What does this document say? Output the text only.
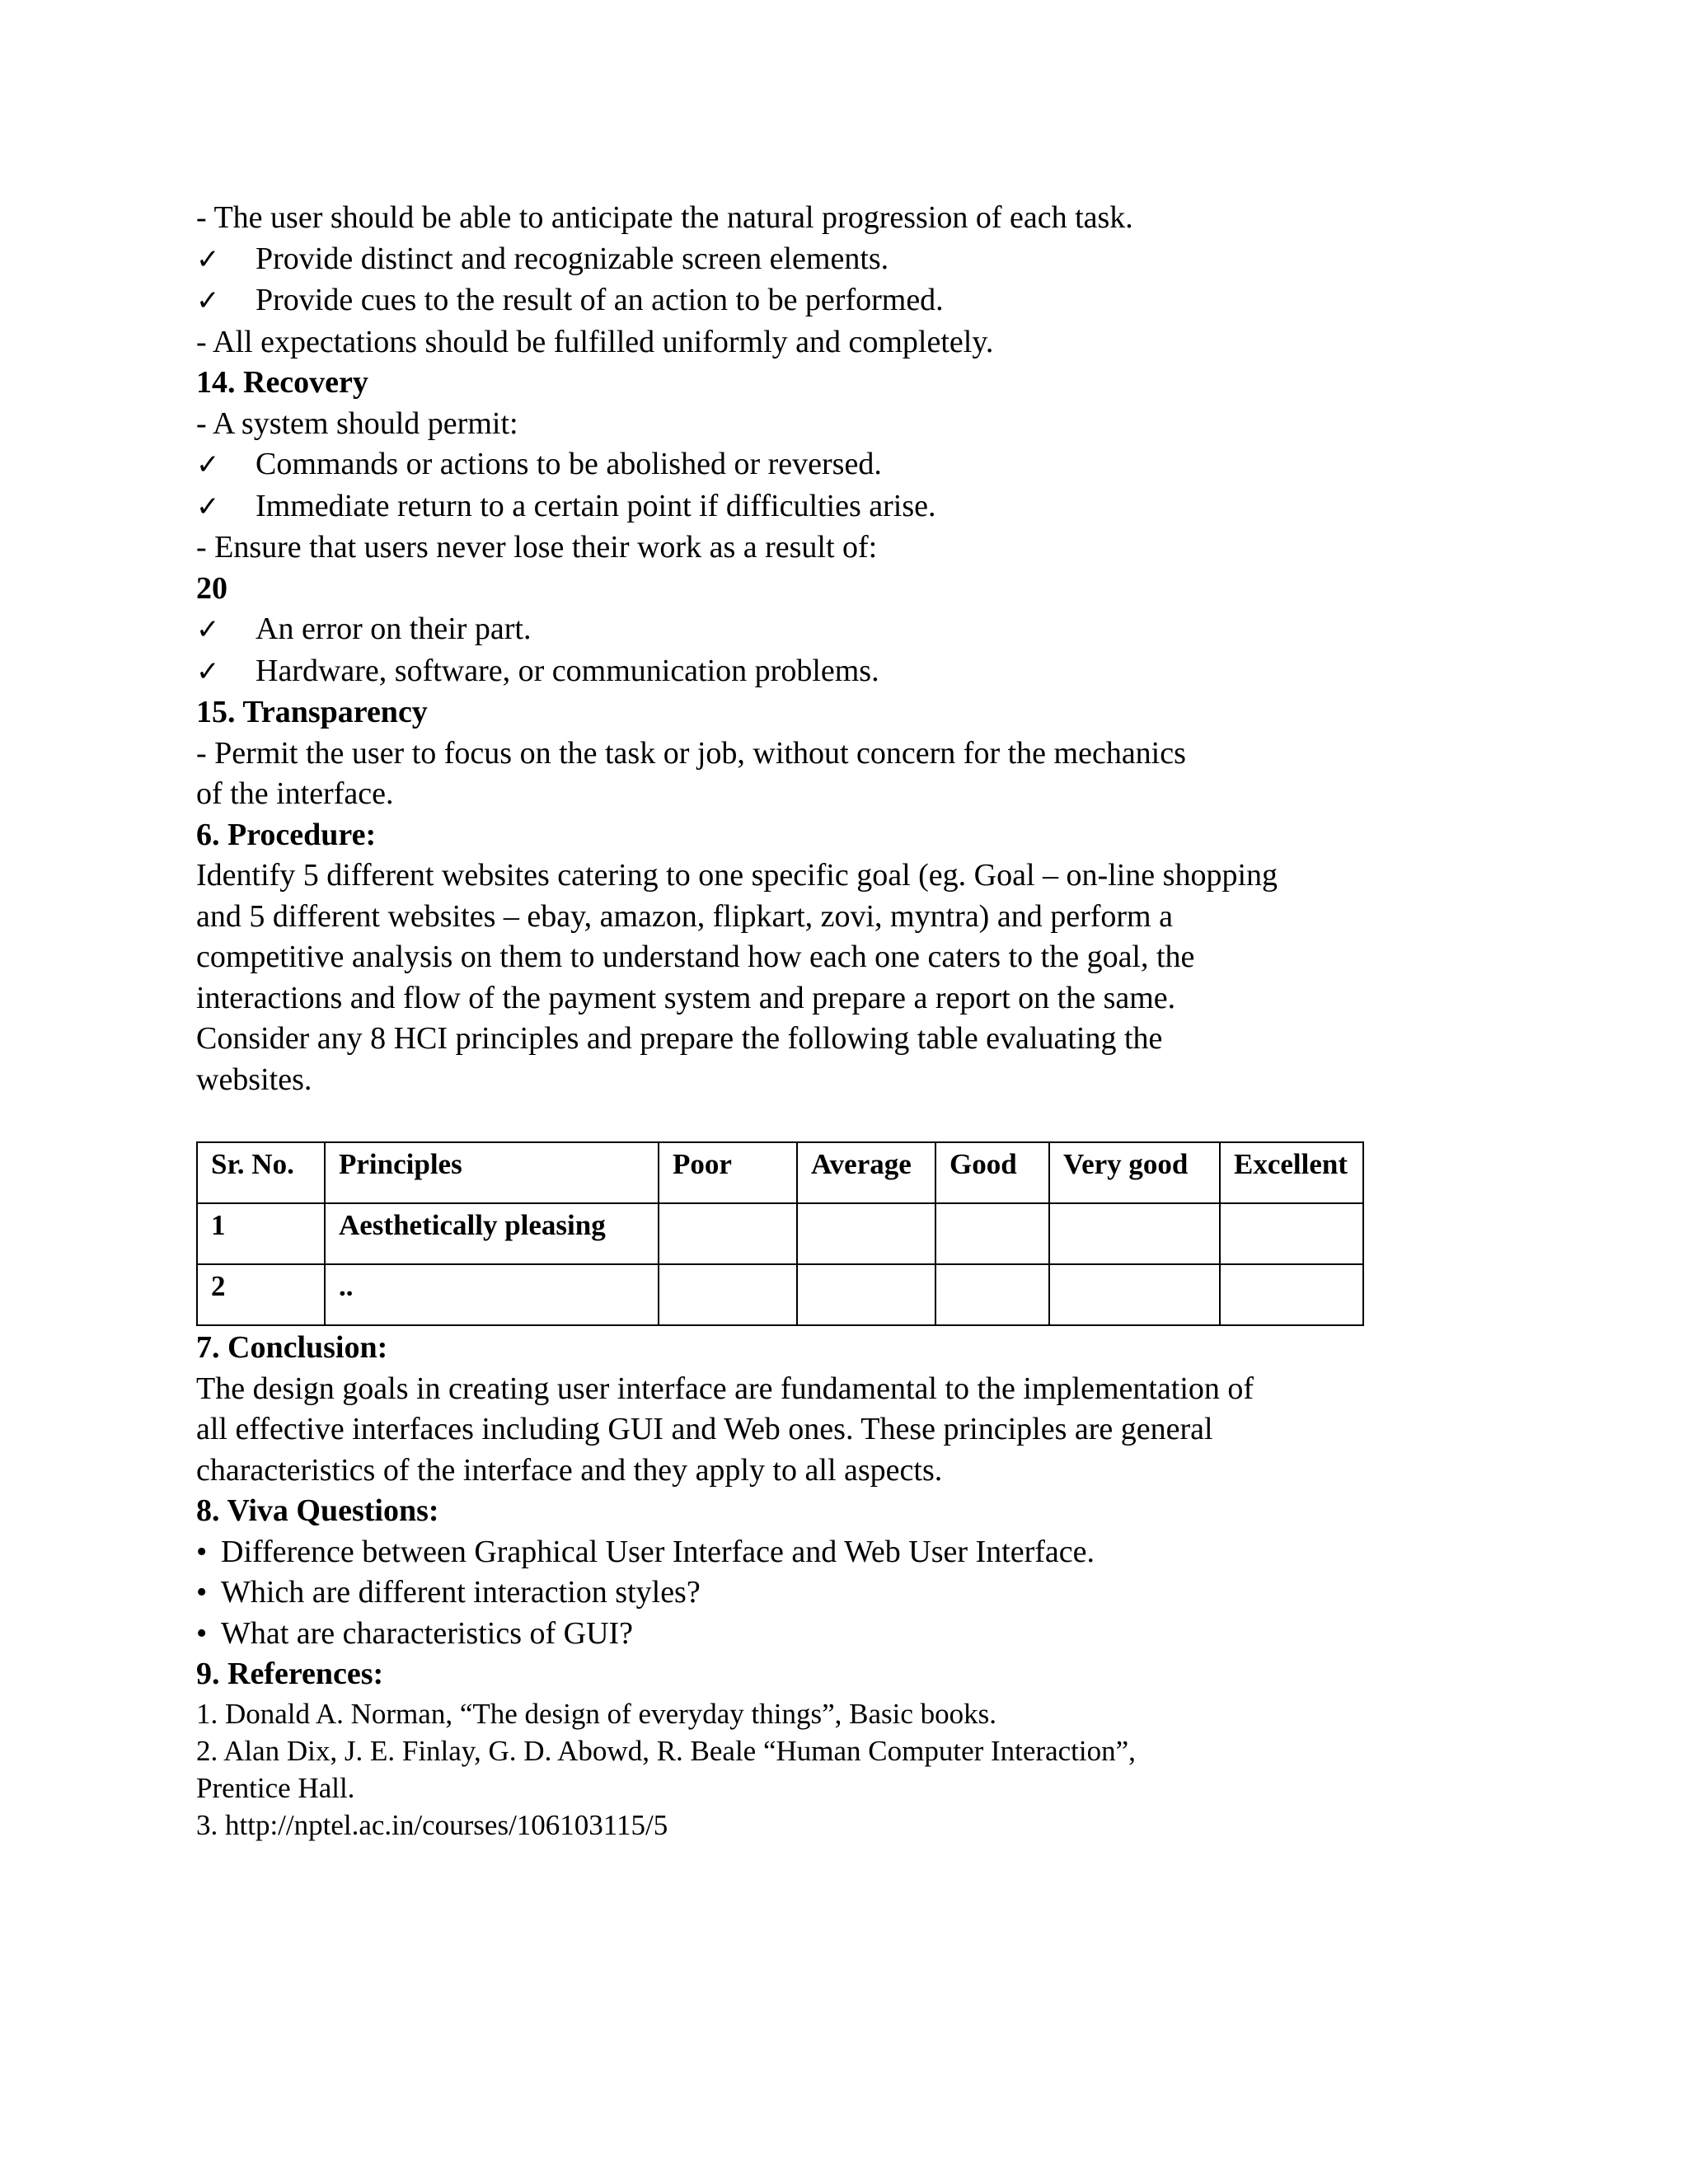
- The user should be able to anticipate the natural progression of each task.
✓ Provide distinct and recognizable screen elements.
✓ Provide cues to the result of an action to be performed.
- All expectations should be fulfilled uniformly and completely.
14. Recovery
- A system should permit:
✓ Commands or actions to be abolished or reversed.
✓ Immediate return to a certain point if difficulties arise.
- Ensure that users never lose their work as a result of:
20
✓ An error on their part.
✓ Hardware, software, or communication problems.
15. Transparency
- Permit the user to focus on the task or job, without concern for the mechanics
of the interface.
6. Procedure:
Identify 5 different websites catering to one specific goal (eg. Goal – on-line shopping
and 5 different websites – ebay, amazon, flipkart, zovi, myntra) and perform a
competitive analysis on them to understand how each one caters to the goal, the
interactions and flow of the payment system and prepare a report on the same.
Consider any 8 HCI principles and prepare the following table evaluating the
websites.
Sr. No.	Principles	Poor	Average	Good	Very good	Excellent
1	Aesthetically pleasing					
2	..					
7. Conclusion:
The design goals in creating user interface are fundamental to the implementation of
all effective interfaces including GUI and Web ones. These principles are general
characteristics of the interface and they apply to all aspects.
8. Viva Questions:
• Difference between Graphical User Interface and Web User Interface.
• Which are different interaction styles?
• What are characteristics of GUI?
9. References:
1. Donald A. Norman, “The design of everyday things”, Basic books.
2. Alan Dix, J. E. Finlay, G. D. Abowd, R. Beale “Human Computer Interaction”,
Prentice Hall.
3. http://nptel.ac.in/courses/106103115/5
